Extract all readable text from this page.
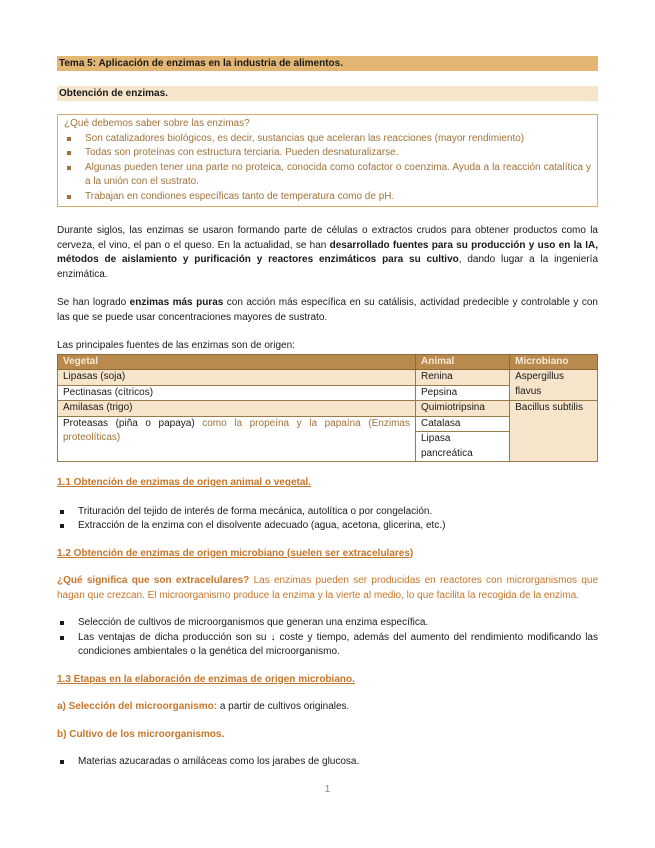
Tema 5: Aplicación de enzimas en la industria de alimentos.
Obtención de enzimas.
¿Qué debemos saber sobre las enzimas?
Son catalizadores biológicos, es decir, sustancias que aceleran las reacciones (mayor rendimiento)
Todas son proteínas con estructura terciaria. Pueden desnaturalizarse.
Algunas pueden tener una parte no proteica, conocida como cofactor o coenzima. Ayuda a la reacción catalítica y a la unión con el sustrato.
Trabajan en condiones específicas tanto de temperatura como de pH.

Durante siglos, las enzimas se usaron formando parte de células o extractos crudos para obtener productos como la cerveza, el vino, el pan o el queso. En la actualidad, se han desarrollado fuentes para su producción y uso en la IA, métodos de aislamiento y purificación y reactores enzimáticos para su cultivo, dando lugar a la ingeniería enzimática.

Se han logrado enzimas más puras con acción más específica en su catálisis, actividad predecible y controlable y con las que se puede usar concentraciones mayores de sustrato.

Las principales fuentes de las enzimas son de origen:

Vegetal	Animal	Microbiano
Lipasas (soja)	Renina	Aspergillus flavus
Pectinasas (cítricos)	Pepsina	
Amilasas (trigo)	Quimiotripsina	Bacillus subtilis
Proteasas (piña o papaya) como la propeína y la papaína (Enzimas proteolíticas)	Catalasa	
	Lipasa pancreática	
1.1 Obtención de enzimas de origen animal o vegetal.
Trituración del tejido de interés de forma mecánica, autolítica o por congelación.
Extracción de la enzima con el disolvente adecuado (agua, acetona, glicerina, etc.)
1.2 Obtención de enzimas de origen microbiano (suelen ser extracelulares)

¿Qué significa que son extracelulares? Las enzimas pueden ser producidas en reactores con microrganismos que hagan que crezcan. El microorganismo produce la enzima y la vierte al medio, lo que facilita la recogida de la enzima.

Selección de cultivos de microorganismos que generan una enzima específica.
Las ventajas de dicha producción son su ↓ coste y tiempo, además del aumento del rendimiento modificando las condiciones ambientales o la genética del microorganismo.
1.3 Etapas en la elaboración de enzimas de origen microbiano.

a) Selección del microorganismo: a partir de cultivos originales.

b) Cultivo de los microorganismos.

Materias azucaradas o amiláceas como los jarabes de glucosa.
1
